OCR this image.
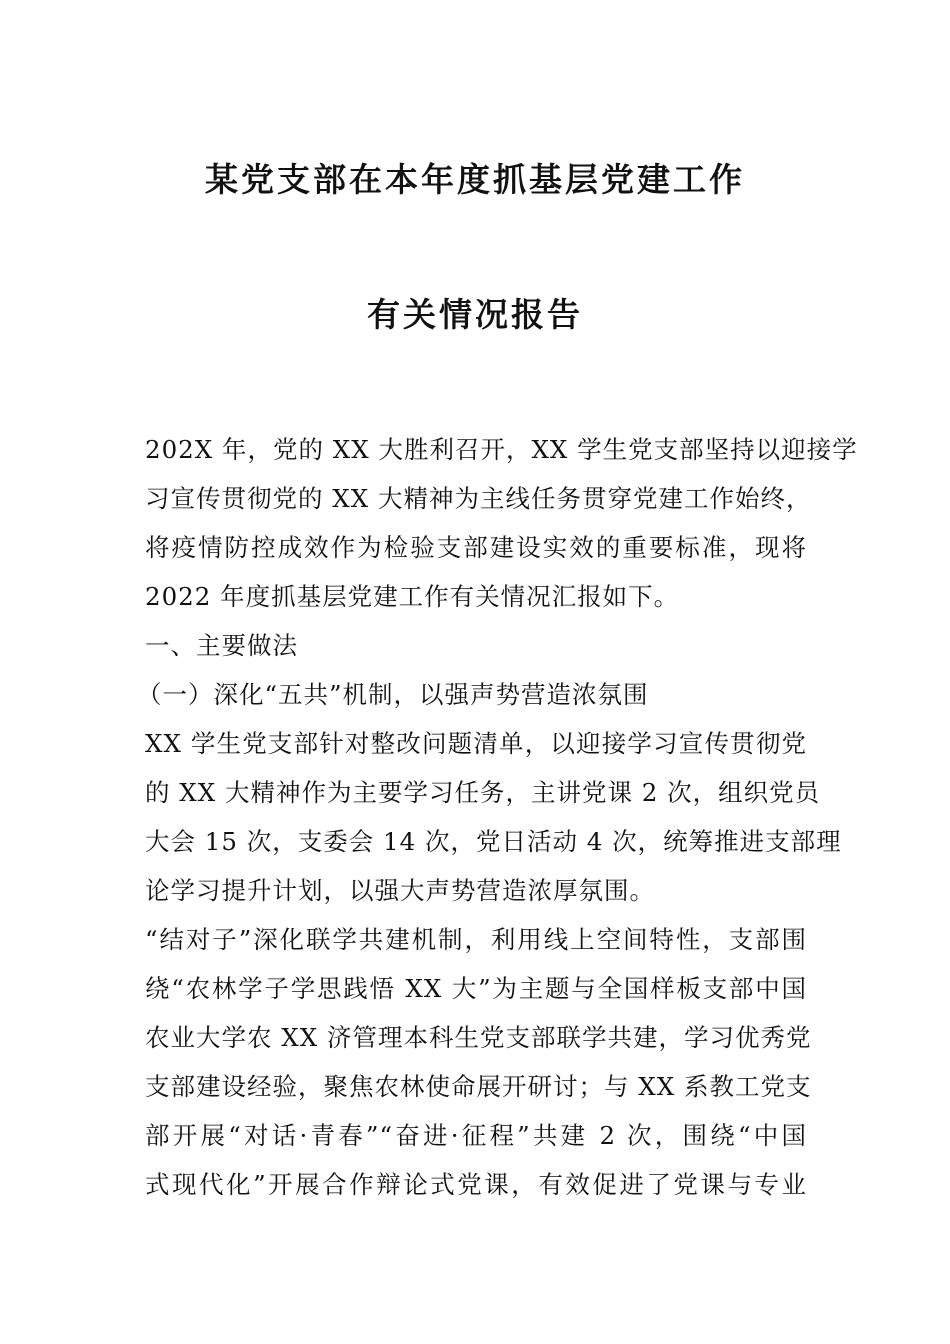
某党支部在本年度抓基层党建工作
有关情况报告

202X 年，党的 XX 大胜利召开，XX 学生党支部坚持以迎接学
习宣传贯彻党的 XX 大精神为主线任务贯穿党建工作始终，
将疫情防控成效作为检验支部建设实效的重要标准，现将
2022 年度抓基层党建工作有关情况汇报如下。

一、主要做法

（一）深化“五共”机制，以强声势营造浓氛围

XX 学生党支部针对整改问题清单，以迎接学习宣传贯彻党
的 XX 大精神作为主要学习任务，主讲党课 2 次，组织党员
大会 15 次，支委会 14 次，党日活动 4 次，统筹推进支部理
论学习提升计划，以强大声势营造浓厚氛围。

“结对子”深化联学共建机制，利用线上空间特性，支部围
绕“农林学子学思践悟 XX 大”为主题与全国样板支部中国
农业大学农 XX 济管理本科生党支部联学共建，学习优秀党
支部建设经验，聚焦农林使命展开研讨；与 XX 系教工党支
部开展“对话·青春”“奋进·征程”共建 2 次，围绕“中国
式现代化”开展合作辩论式党课，有效促进了党课与专业
